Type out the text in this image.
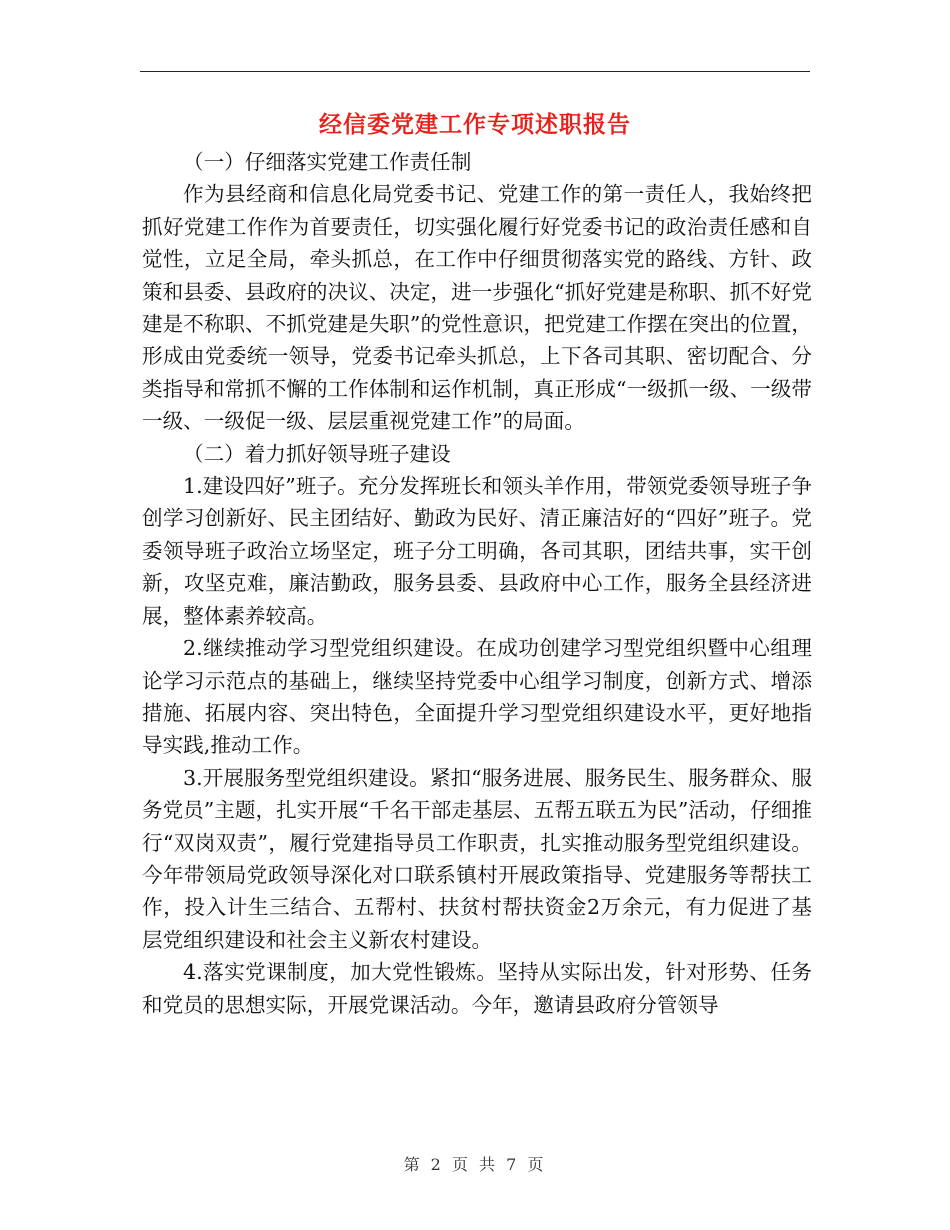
经信委党建工作专项述职报告

（一）仔细落实党建工作责任制

作为县经商和信息化局党委书记、党建工作的第一责任人，我始终把抓好党建工作作为首要责任，切实强化履行好党委书记的政治责任感和自觉性，立足全局，牵头抓总，在工作中仔细贯彻落实党的路线、方针、政策和县委、县政府的决议、决定，进一步强化“抓好党建是称职、抓不好党建是不称职、不抓党建是失职”的党性意识，把党建工作摆在突出的位置，形成由党委统一领导，党委书记牵头抓总，上下各司其职、密切配合、分类指导和常抓不懈的工作体制和运作机制，真正形成“一级抓一级、一级带一级、一级促一级、层层重视党建工作”的局面。

（二）着力抓好领导班子建设

1.建设四好”班子。充分发挥班长和领头羊作用，带领党委领导班子争创学习创新好、民主团结好、勤政为民好、清正廉洁好的“四好”班子。党委领导班子政治立场坚定，班子分工明确，各司其职，团结共事，实干创新，攻坚克难，廉洁勤政，服务县委、县政府中心工作，服务全县经济进展，整体素养较高。

2.继续推动学习型党组织建设。在成功创建学习型党组织暨中心组理论学习示范点的基础上，继续坚持党委中心组学习制度，创新方式、增添措施、拓展内容、突出特色，全面提升学习型党组织建设水平，更好地指导实践,推动工作。

3.开展服务型党组织建设。紧扣“服务进展、服务民生、服务群众、服务党员”主题，扎实开展“千名干部走基层、五帮五联五为民”活动，仔细推行“双岗双责”，履行党建指导员工作职责，扎实推动服务型党组织建设。今年带领局党政领导深化对口联系镇村开展政策指导、党建服务等帮扶工作，投入计生三结合、五帮村、扶贫村帮扶资金2万余元，有力促进了基层党组织建设和社会主义新农村建设。

4.落实党课制度，加大党性锻炼。坚持从实际出发，针对形势、任务和党员的思想实际，开展党课活动。今年，邀请县政府分管领导

第 2 页 共 7 页
